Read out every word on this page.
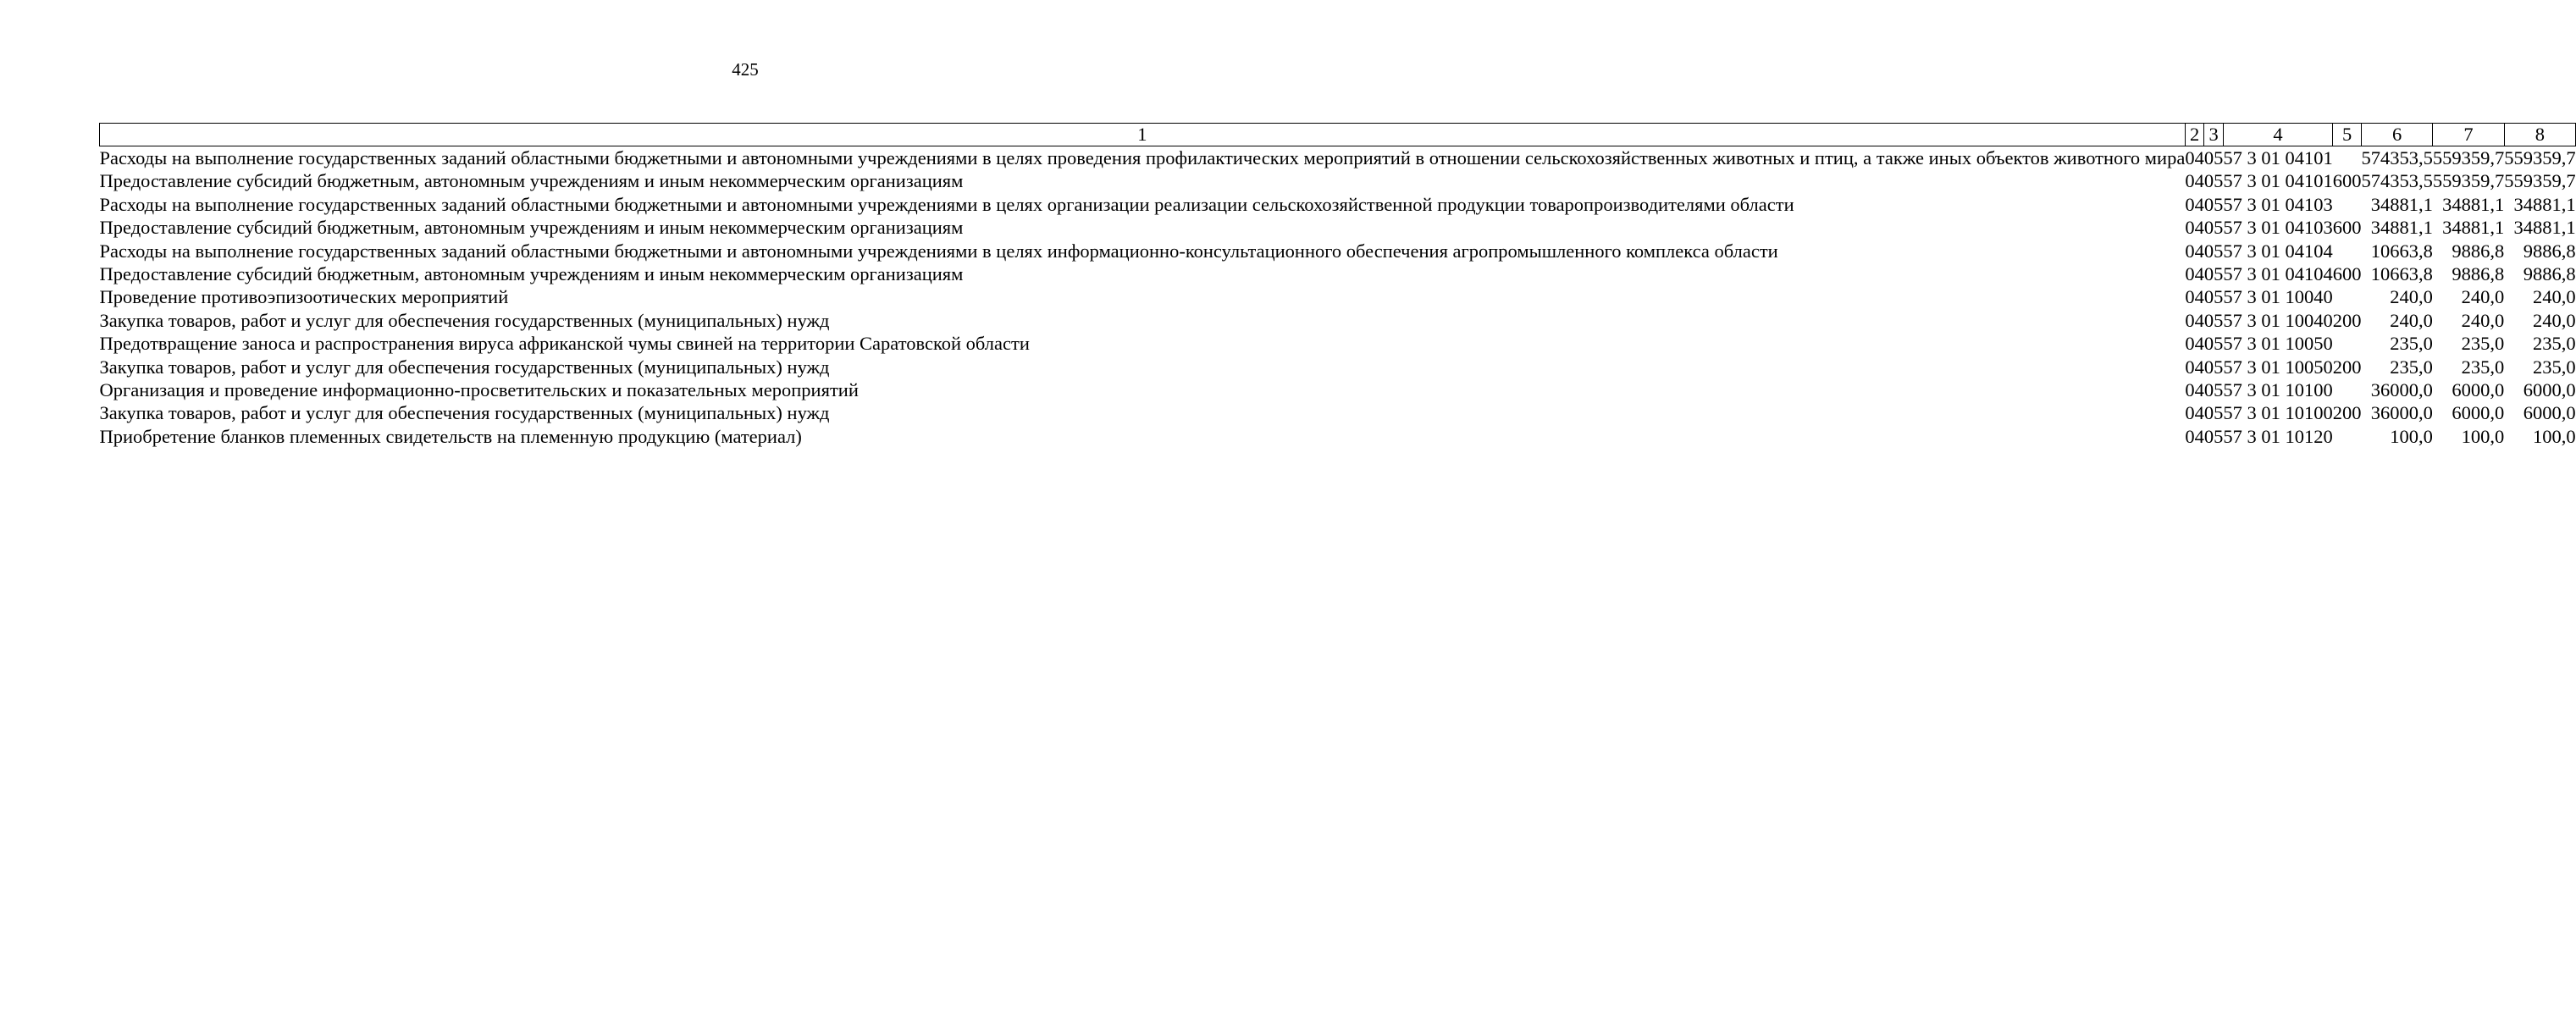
425
1	2	3	4	5	6	7	8
Расходы на выполнение государственных заданий областными бюджетными и автономными учреждениями в целях проведения профилактических мероприятий в отношении сельскохозяйственных животных и птиц, а также иных объектов животного мира	04	05	57 3 01 04101		574353,5	559359,7	559359,7
Предоставление субсидий бюджетным, автономным учреждениям и иным некоммерческим организациям	04	05	57 3 01 04101	600	574353,5	559359,7	559359,7
Расходы на выполнение государственных заданий областными бюджетными и автономными учреждениями в целях организации реализации сельскохозяйственной продукции товаропроизводителями области	04	05	57 3 01 04103		34881,1	34881,1	34881,1
Предоставление субсидий бюджетным, автономным учреждениям и иным некоммерческим организациям	04	05	57 3 01 04103	600	34881,1	34881,1	34881,1
Расходы на выполнение государственных заданий областными бюджетными и автономными учреждениями в целях информационно-консультационного обеспечения агропромышленного комплекса области	04	05	57 3 01 04104		10663,8	9886,8	9886,8
Предоставление субсидий бюджетным, автономным учреждениям и иным некоммерческим организациям	04	05	57 3 01 04104	600	10663,8	9886,8	9886,8
Проведение противоэпизоотических мероприятий	04	05	57 3 01 10040		240,0	240,0	240,0
Закупка товаров, работ и услуг для обеспечения государственных (муниципальных) нужд	04	05	57 3 01 10040	200	240,0	240,0	240,0
Предотвращение заноса и распространения вируса африканской чумы свиней на территории Саратовской области	04	05	57 3 01 10050		235,0	235,0	235,0
Закупка товаров, работ и услуг для обеспечения государственных (муниципальных) нужд	04	05	57 3 01 10050	200	235,0	235,0	235,0
Организация и проведение информационно-просветительских и показательных мероприятий	04	05	57 3 01 10100		36000,0	6000,0	6000,0
Закупка товаров, работ и услуг для обеспечения государственных (муниципальных) нужд	04	05	57 3 01 10100	200	36000,0	6000,0	6000,0
Приобретение бланков племенных свидетельств на племенную продукцию (материал)	04	05	57 3 01 10120		100,0	100,0	100,0
